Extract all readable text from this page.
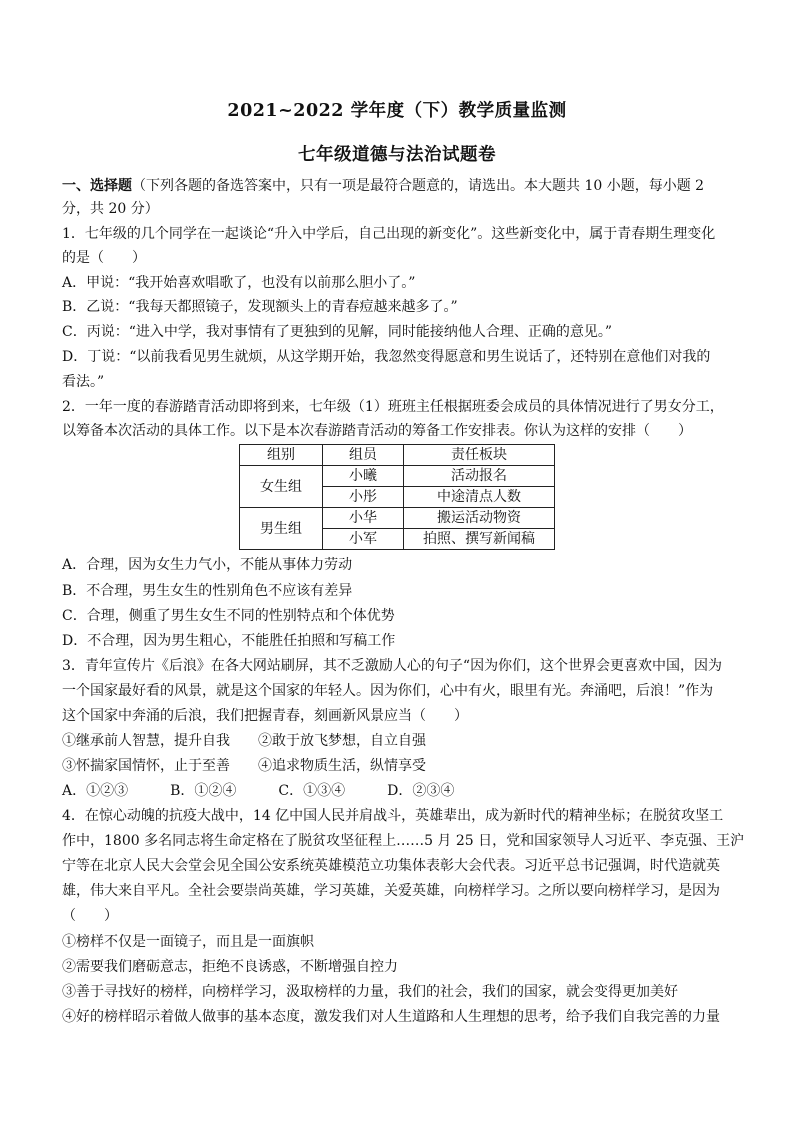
2021~2022 学年度（下）教学质量监测
七年级道德与法治试题卷
一、选择题（下列各题的备选答案中，只有一项是最符合题意的，请选出。本大题共 10 小题，每小题 2
分，共 20 分）
1．七年级的几个同学在一起谈论“升入中学后，自己出现的新变化”。这些新变化中，属于青春期生理变化
的是（　　）
A．甲说：“我开始喜欢唱歌了，也没有以前那么胆小了。”
B．乙说：“我每天都照镜子，发现额头上的青春痘越来越多了。”
C．丙说：“进入中学，我对事情有了更独到的见解，同时能接纳他人合理、正确的意见。”
D．丁说：“以前我看见男生就烦，从这学期开始，我忽然变得愿意和男生说话了，还特别在意他们对我的
看法。”
2．一年一度的春游踏青活动即将到来，七年级（1）班班主任根据班委会成员的具体情况进行了男女分工，
以筹备本次活动的具体工作。以下是本次春游踏青活动的筹备工作安排表。你认为这样的安排（　　）
组别	组员	责任板块
女生组	小曦	活动报名
	小彤	中途清点人数
男生组	小华	搬运活动物资
	小军	拍照、撰写新闻稿
A．合理，因为女生力气小，不能从事体力劳动
B．不合理，男生女生的性别角色不应该有差异
C．合理，侧重了男生女生不同的性别特点和个体优势
D．不合理，因为男生粗心，不能胜任拍照和写稿工作
3．青年宣传片《后浪》在各大网站刷屏，其不乏激励人心的句子“因为你们，这个世界会更喜欢中国，因为
一个国家最好看的风景，就是这个国家的年轻人。因为你们，心中有火，眼里有光。奔涌吧，后浪！”作为
这个国家中奔涌的后浪，我们把握青春，刻画新风景应当（　　）
①继承前人智慧，提升自我　　②敢于放飞梦想，自立自强
③怀揣家国情怀，止于至善　　④追求物质生活，纵情享受
A．①②③　　　B．①②④　　　C．①③④　　　D．②③④
4．在惊心动魄的抗疫大战中，14 亿中国人民并肩战斗，英雄辈出，成为新时代的精神坐标；在脱贫攻坚工
作中，1800 多名同志将生命定格在了脱贫攻坚征程上……5 月 25 日，党和国家领导人习近平、李克强、王沪
宁等在北京人民大会堂会见全国公安系统英雄模范立功集体表彰大会代表。习近平总书记强调，时代造就英
雄，伟大来自平凡。全社会要崇尚英雄，学习英雄，关爱英雄，向榜样学习。之所以要向榜样学习，是因为
（　　）
①榜样不仅是一面镜子，而且是一面旗帜
②需要我们磨砺意志，拒绝不良诱惑，不断增强自控力
③善于寻找好的榜样，向榜样学习，汲取榜样的力量，我们的社会，我们的国家，就会变得更加美好
④好的榜样昭示着做人做事的基本态度，激发我们对人生道路和人生理想的思考，给予我们自我完善的力量
